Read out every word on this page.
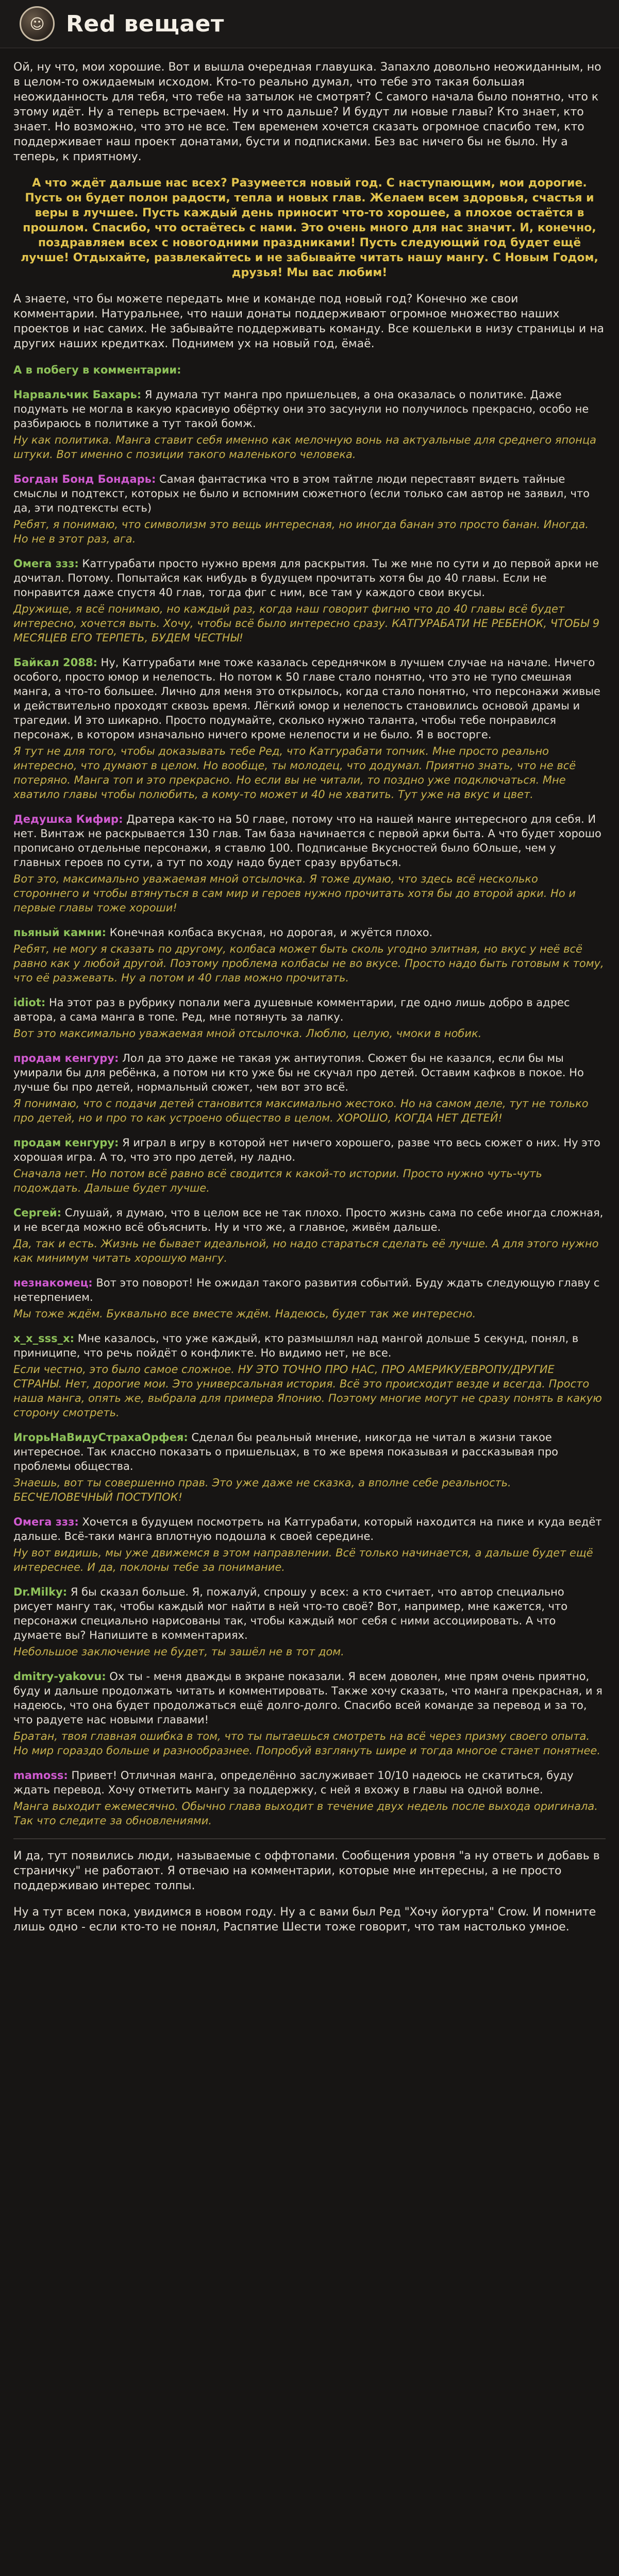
☺ Red вещает

Ой, ну что, мои хорошие. Вот и вышла очередная главушка. Запахло довольно неожиданным, но в целом-то ожидаемым исходом. Кто-то реально думал, что тебе это такая большая неожиданность для тебя, что тебе на затылок не смотрят? С самого начала было понятно, что к этому идёт. Ну а теперь встречаем. Ну и что дальше? И будут ли новые главы? Кто знает, кто знает. Но возможно, что это не все. Тем временем хочется сказать огромное спасибо тем, кто поддерживает наш проект донатами, бусти и подписками. Без вас ничего бы не было. Ну а теперь, к приятному.

А что ждёт дальше нас всех? Разумеется новый год. С наступающим, мои дорогие. Пусть он будет полон радости, тепла и новых глав. Желаем всем здоровья, счастья и веры в лучшее. Пусть каждый день приносит что-то хорошее, а плохое остаётся в прошлом. Спасибо, что остаётесь с нами. Это очень много для нас значит. И, конечно, поздравляем всех с новогодними праздниками! Пусть следующий год будет ещё лучше! Отдыхайте, развлекайтесь и не забывайте читать нашу мангу. С Новым Годом, друзья! Мы вас любим!

А знаете, что бы можете передать мне и команде под новый год? Конечно же свои комментарии. Натуральнее, что наши донаты поддерживают огромное множество наших проектов и нас самих. Не забывайте поддерживать команду. Все кошельки в низу страницы и на других наших кредитках. Поднимем ух на новый год, ёмаё.

А в побегу в комментарии:
Нарвальчик Бахарь: Я думала тут манга про пришельцев, а она оказалась о политике. Даже подумать не могла в какую красивую обёртку они это засунули но получилось прекрасно, особо не разбираюсь в политике а тут такой бомж.
Ну как политика. Манга ставит себя именно как мелочную вонь на актуальные для среднего японца штуки. Вот именно с позиции такого маленького человека.
Богдан Бонд Бондарь: Самая фантастика что в этом тайтле люди переставят видеть тайные смыслы и подтекст, которых не было и вспомним сюжетного (если только сам автор не заявил, что да, эти подтексты есть)
Ребят, я понимаю, что символизм это вещь интересная, но иногда банан это просто банан. Иногда. Но не в этот раз, ага.
Омега ззз: Катгурабати просто нужно время для раскрытия. Ты же мне по сути и до первой арки не дочитал. Потому. Попытайся как нибудь в будущем прочитать хотя бы до 40 главы. Если не понравится даже спустя 40 глав, тогда фиг с ним, все там у каждого свои вкусы.
Дружище, я всё понимаю, но каждый раз, когда наш говорит фигню что до 40 главы всё будет интересно, хочется выть. Хочу, чтобы всё было интересно сразу. КАТГУРАБАТИ НЕ РЕБЕНОК, ЧТОБЫ 9 МЕСЯЦЕВ ЕГО ТЕРПЕТЬ, БУДЕМ ЧЕСТНЫ!
Байкал 2088: Ну, Катгурабати мне тоже казалась середнячком в лучшем случае на начале. Ничего особого, просто юмор и нелепость. Но потом к 50 главе стало понятно, что это не тупо смешная манга, а что-то большее. Лично для меня это открылось, когда стало понятно, что персонажи живые и действительно проходят сквозь время. Лёгкий юмор и нелепость становились основой драмы и трагедии. И это шикарно. Просто подумайте, сколько нужно таланта, чтобы тебе понравился персонаж, в котором изначально ничего кроме нелепости и не было. Я в восторге.
Я тут не для того, чтобы доказывать тебе Ред, что Катгурабати топчик. Мне просто реально интересно, что думают в целом. Но вообще, ты молодец, что додумал. Приятно знать, что не всё потеряно. Манга топ и это прекрасно. Но если вы не читали, то поздно уже подключаться. Мне хватило главы чтобы полюбить, а кому-то может и 40 не хватить. Тут уже на вкус и цвет.
Дедушка Кифир: Дратера как-то на 50 главе, потому что на нашей манге интересного для себя. И нет. Винтаж не раскрывается 130 глав. Там база начинается с первой арки быта. А что будет хорошо прописано отдельные персонажи, я ставлю 100. Подписаные Вкусностей было бОльше, чем у главных героев по сути, а тут по ходу надо будет сразу врубаться.
Вот это, максимально уважаемая мной отсылочка. Я тоже думаю, что здесь всё несколько стороннего и чтобы втянуться в сам мир и героев нужно прочитать хотя бы до второй арки. Но и первые главы тоже хороши!
пьяный камни: Конечная колбаса вкусная, но дорогая, и жуётся плохо.
Ребят, не могу я сказать по другому, колбаса может быть сколь угодно элитная, но вкус у неё всё равно как у любой другой. Поэтому проблема колбасы не во вкусе. Просто надо быть готовым к тому, что её разжевать. Ну а потом и 40 глав можно прочитать.
idiot: На этот раз в рубрику попали мега душевные комментарии, где одно лишь добро в адрес автора, а сама манга в топе. Ред, мне потянуть за лапку.
Вот это максимально уважаемая мной отсылочка. Люблю, целую, чмоки в нобик.
продам кенгуру: Лол да это даже не такая уж антиутопия. Сюжет бы не казался, если бы мы умирали бы для ребёнка, а потом ни кто уже бы не скучал про детей. Оставим кафков в покое. Но лучше бы про детей, нормальный сюжет, чем вот это всё.
Я понимаю, что с подачи детей становится максимально жестоко. Но на самом деле, тут не только про детей, но и про то как устроено общество в целом. ХОРОШО, КОГДА НЕТ ДЕТЕЙ!
продам кенгуру: Я играл в игру в которой нет ничего хорошего, разве что весь сюжет о них. Ну это хорошая игра. А то, что это про детей, ну ладно.
Сначала нет. Но потом всё равно всё сводится к какой-то истории. Просто нужно чуть-чуть подождать. Дальше будет лучше.
Сергей: Слушай, я думаю, что в целом все не так плохо. Просто жизнь сама по себе иногда сложная, и не всегда можно всё объяснить. Ну и что же, а главное, живём дальше.
Да, так и есть. Жизнь не бывает идеальной, но надо стараться сделать её лучше. А для этого нужно как минимум читать хорошую мангу.
незнакомец: Вот это поворот! Не ожидал такого развития событий. Буду ждать следующую главу с нетерпением.
Мы тоже ждём. Буквально все вместе ждём. Надеюсь, будет так же интересно.
x_x_sss_x: Мне казалось, что уже каждый, кто размышлял над мангой дольше 5 секунд, понял, в приниципе, что речь пойдёт о конфликте. Но видимо нет, не все.
Если честно, это было самое сложное. НУ ЭТО ТОЧНО ПРО НАС, ПРО АМЕРИКУ/ЕВРОПУ/ДРУГИЕ СТРАНЫ. Нет, дорогие мои. Это универсальная история. Всё это происходит везде и всегда. Просто наша манга, опять же, выбрала для примера Японию. Поэтому многие могут не сразу понять в какую сторону смотреть.
ИгорьНаВидуСтрахаОрфея: Сделал бы реальный мнение, никогда не читал в жизни такое интересное. Так классно показать о пришельцах, в то же время показывая и рассказывая про проблемы общества.
Знаешь, вот ты совершенно прав. Это уже даже не сказка, а вполне себе реальность. БЕСЧЕЛОВЕЧНЫЙ ПОСТУПОК!
Омега ззз: Хочется в будущем посмотреть на Катгурабати, который находится на пике и куда ведёт дальше. Всё-таки манга вплотную подошла к своей середине.
Ну вот видишь, мы уже движемся в этом направлении. Всё только начинается, а дальше будет ещё интереснее. И да, поклоны тебе за понимание.
Dr.Milky: Я бы сказал больше. Я, пожалуй, спрошу у всех: а кто считает, что автор специально рисует мангу так, чтобы каждый мог найти в ней что-то своё? Вот, например, мне кажется, что персонажи специально нарисованы так, чтобы каждый мог себя с ними ассоциировать. А что думаете вы? Напишите в комментариях.
Небольшое заключение не будет, ты зашёл не в тот дом.
dmitry-yakovu: Ох ты - меня дважды в экране показали. Я всем доволен, мне прям очень приятно, буду и дальше продолжать читать и комментировать. Также хочу сказать, что манга прекрасная, и я надеюсь, что она будет продолжаться ещё долго-долго. Спасибо всей команде за перевод и за то, что радуете нас новыми главами!
Братан, твоя главная ошибка в том, что ты пытаешься смотреть на всё через призму своего опыта. Но мир гораздо больше и разнообразнее. Попробуй взглянуть шире и тогда многое станет понятнее.
mamoss: Привет! Отличная манга, определённо заслуживает 10/10 надеюсь не скатиться, буду ждать перевод. Хочу отметить мангу за поддержку, с ней я вхожу в главы на одной волне.
Манга выходит ежемесячно. Обычно глава выходит в течение двух недель после выхода оригинала. Так что следите за обновлениями.

И да, тут появились люди, называемые с оффтопами. Сообщения уровня "а ну ответь и добавь в страничку" не работают. Я отвечаю на комментарии, которые мне интересны, а не просто поддерживаю интерес толпы.

Ну а тут всем пока, увидимся в новом году. Ну а с вами был Ред "Хочу йогурта" Crow. И помните лишь одно - если кто-то не понял, Распятие Шести тоже говорит, что там настолько умное.
